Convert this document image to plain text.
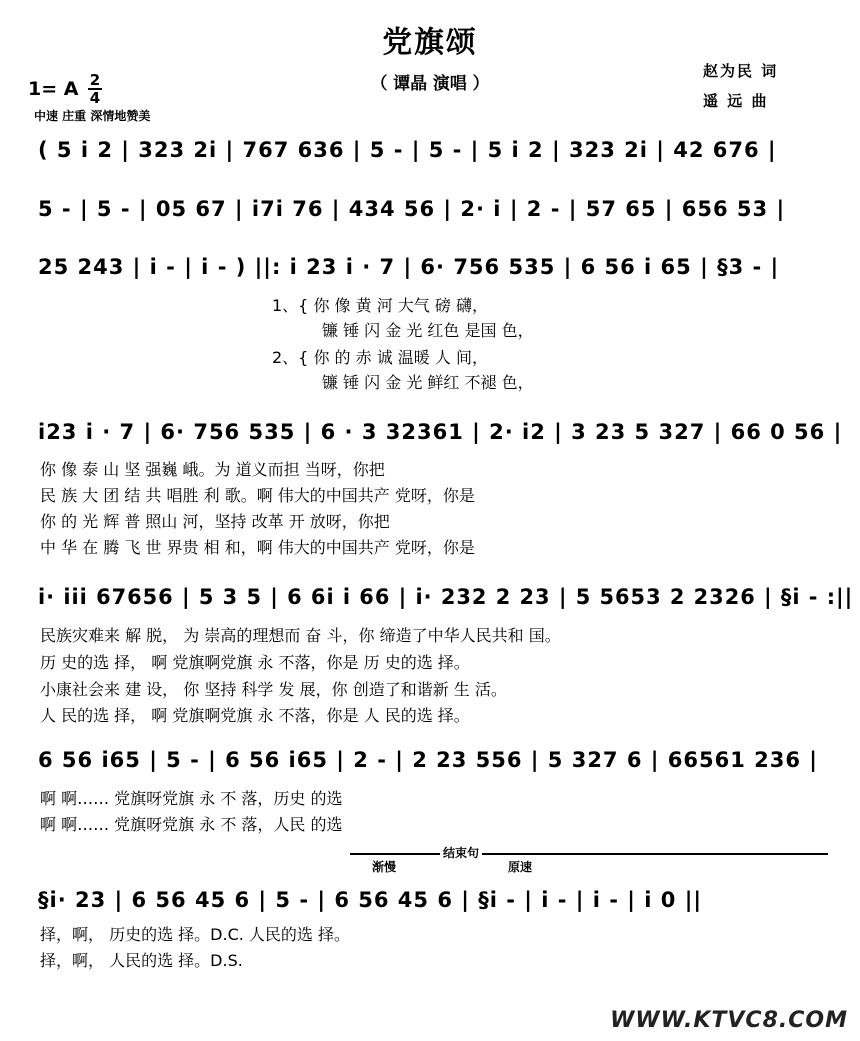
党旗颂
（ 谭晶 演唱 ）
1= A 2
4
中速 庄重 深情地赞美
赵为民 词
遥 远 曲
( 5 i 2 | 323 2i | 767 636 | 5 - | 5 - | 5 i 2 | 323 2i | 42 676 |
5 - | 5 - | 05 67 | i7i 76 | 434 56 | 2· i | 2 - | 57 65 | 656 53 |
25 243 | i - | i - ) ||: i 23 i · 7 | 6· 756 535 | 6 56 i 65 | §3 - |
1、{ 你 像 黄 河 大气 磅 礴，
镰 锤 闪 金 光 红色 是国 色，
2、{ 你 的 赤 诚 温暖 人 间，
镰 锤 闪 金 光 鲜红 不褪 色，
i23 i · 7 | 6· 756 535 | 6 · 3 32361 | 2· i2 | 3 23 5 327 | 66 0 56 |
你 像 泰 山 坚 强巍 峨。为 道义而担 当呀，你把
民 族 大 团 结 共 唱胜 利 歌。啊 伟大的中国共产 党呀，你是
你 的 光 辉 普 照山 河，坚持 改革 开 放呀，你把
中 华 在 腾 飞 世 界贵 相 和，啊 伟大的中国共产 党呀，你是
i· iii 67656 | 5 3 5 | 6 6i i 66 | i· 232 2 23 | 5 5653 2 2326 | §i - :||
民族灾难来 解 脱， 为 崇高的理想而 奋 斗，你 缔造了中华人民共和 国。
历 史的选 择， 啊 党旗啊党旗 永 不落，你是 历 史的选 择。
小康社会来 建 设， 你 坚持 科学 发 展，你 创造了和谐新 生 活。
人 民的选 择， 啊 党旗啊党旗 永 不落，你是 人 民的选 择。
6 56 i65 | 5 - | 6 56 i65 | 2 - | 2 23 556 | 5 327 6 | 66561 236 |
啊 啊…… 党旗呀党旗 永 不 落，历史 的选
啊 啊…… 党旗呀党旗 永 不 落，人民 的选
结束句
渐慢	原速
§i· 23 | 6 56 45 6 | 5 - | 6 56 45 6 | §i - | i - | i - | i 0 ||
择，啊， 历史的选 择。D.C. 人民的选 择。
择，啊， 人民的选 择。D.S.
WWW.KTVC8.COM
